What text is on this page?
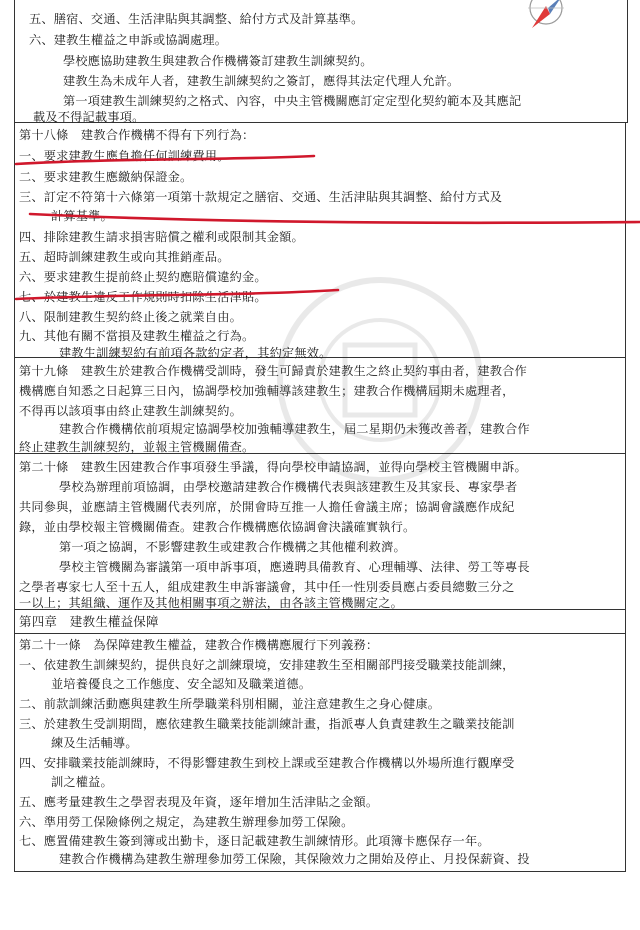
五、膳宿、交通、生活津貼與其調整、給付方式及計算基準。
六、建教生權益之申訴或協調處理。
學校應協助建教生與建教合作機構簽訂建教生訓練契約。
建教生為未成年人者，建教生訓練契約之簽訂，應得其法定代理人允許。
第一項建教生訓練契約之格式、內容，中央主管機關應訂定定型化契約範本及其應記
載及不得記載事項。
第十八條　建教合作機構不得有下列行為：
一、要求建教生應負擔任何訓練費用。
二、要求建教生應繳納保證金。
三、訂定不符第十六條第一項第十款規定之膳宿、交通、生活津貼與其調整、給付方式及
計算基準。
四、排除建教生請求損害賠償之權利或限制其金額。
五、超時訓練建教生或向其推銷產品。
六、要求建教生提前終止契約應賠償違約金。
七、於建教生違反工作規則時扣除生活津貼。
八、限制建教生契約終止後之就業自由。
九、其他有關不當損及建教生權益之行為。
建教生訓練契約有前項各款約定者，其約定無效。
第十九條　建教生於建教合作機構受訓時，發生可歸責於建教生之終止契約事由者，建教合作
機構應自知悉之日起算三日內，協調學校加強輔導該建教生；建教合作機構屆期未處理者，
不得再以該項事由終止建教生訓練契約。
建教合作機構依前項規定協調學校加強輔導建教生，屆二星期仍未獲改善者，建教合作
終止建教生訓練契約，並報主管機關備查。
第二十條　建教生因建教合作事項發生爭議，得向學校申請協調，並得向學校主管機關申訴。
學校為辦理前項協調，由學校邀請建教合作機構代表與該建教生及其家長、專家學者
共同參與，並應請主管機關代表列席，於開會時互推一人擔任會議主席；協調會議應作成紀
錄，並由學校報主管機關備查。建教合作機構應依協調會決議確實執行。
第一項之協調，不影響建教生或建教合作機構之其他權利救濟。
學校主管機關為審議第一項申訴事項，應遴聘具備教育、心理輔導、法律、勞工等專長
之學者專家七人至十五人，組成建教生申訴審議會，其中任一性別委員應占委員總數三分之
一以上；其組織、運作及其他相關事項之辦法，由各該主管機關定之。
第四章　建教生權益保障
第二十一條　為保障建教生權益，建教合作機構應履行下列義務：
一、依建教生訓練契約，提供良好之訓練環境，安排建教生至相關部門接受職業技能訓練，
並培養優良之工作態度、安全認知及職業道德。
二、前款訓練活動應與建教生所學職業科別相關，並注意建教生之身心健康。
三、於建教生受訓期間，應依建教生職業技能訓練計畫，指派專人負責建教生之職業技能訓
練及生活輔導。
四、安排職業技能訓練時，不得影響建教生到校上課或至建教合作機構以外場所進行觀摩受
訓之權益。
五、應考量建教生之學習表現及年資，逐年增加生活津貼之金額。
六、準用勞工保險條例之規定，為建教生辦理參加勞工保險。
七、應置備建教生簽到簿或出勤卡，逐日記載建教生訓練情形。此項簿卡應保存一年。
建教合作機構為建教生辦理參加勞工保險，其保險效力之開始及停止、月投保薪資、投
